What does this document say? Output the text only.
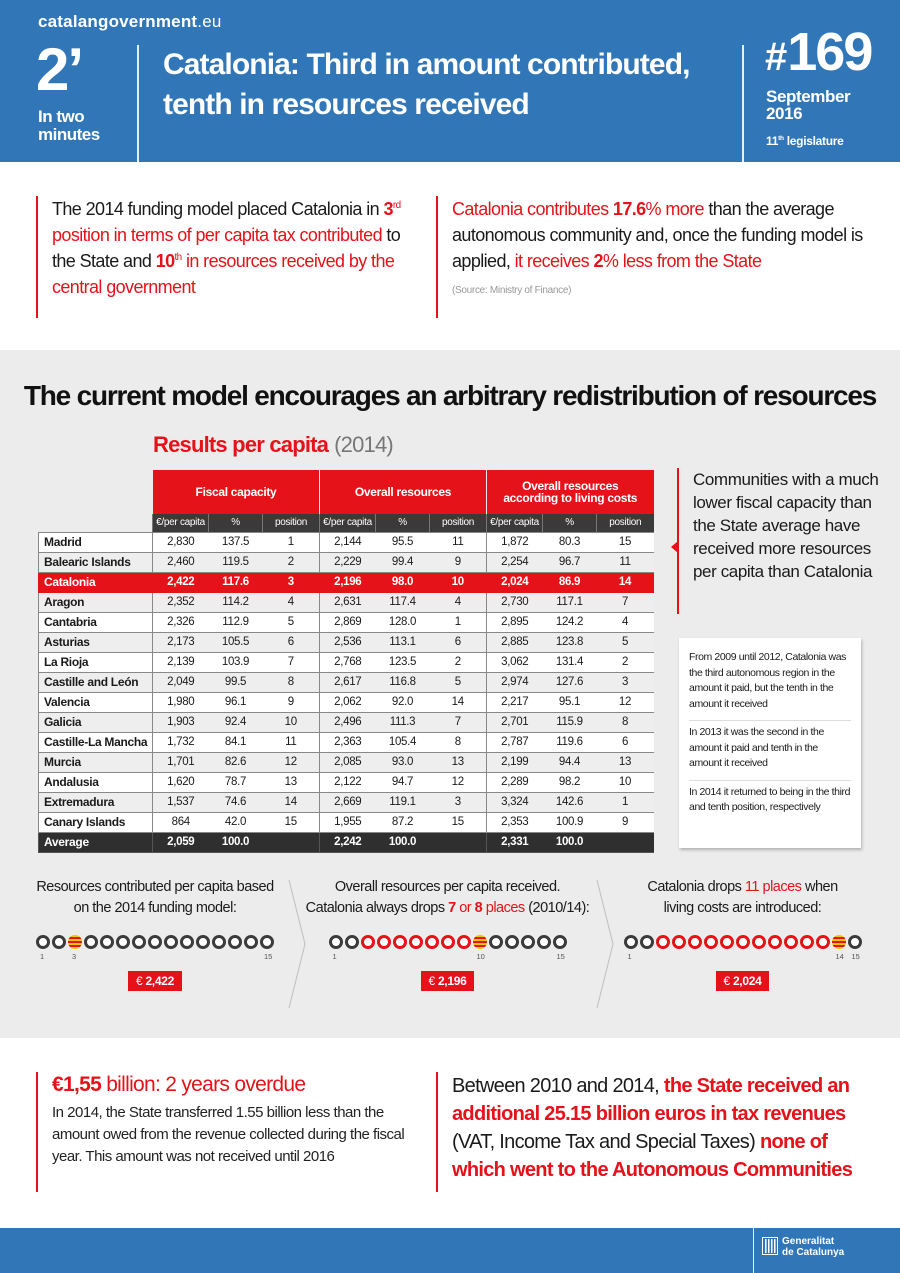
catalangovernment.eu
2’
In two
minutes
Catalonia: Third in amount contributed,
tenth in resources received
#169
September
2016
11th legislature
The 2014 funding model placed Catalonia in 3rd position in terms of per capita tax contributed to the State and 10th in resources received by the central government
Catalonia contributes 17.6% more than the average autonomous community and, once the funding model is applied, it receives 2% less from the State
(Source: Ministry of Finance)
The current model encourages an arbitrary redistribution of resources
Results per capita (2014)
	Fiscal capacity			Overall resources			Overall resources according to living costs		
	€/per capita	%	position	€/per capita	%	position	€/per capita	%	position
Madrid	2,830	137.5	1	2,144	95.5	11	1,872	80.3	15
Balearic Islands	2,460	119.5	2	2,229	99.4	9	2,254	96.7	11
Catalonia	2,422	117.6	3	2,196	98.0	10	2,024	86.9	14
Aragon	2,352	114.2	4	2,631	117.4	4	2,730	117.1	7
Cantabria	2,326	112.9	5	2,869	128.0	1	2,895	124.2	4
Asturias	2,173	105.5	6	2,536	113.1	6	2,885	123.8	5
La Rioja	2,139	103.9	7	2,768	123.5	2	3,062	131.4	2
Castille and León	2,049	99.5	8	2,617	116.8	5	2,974	127.6	3
Valencia	1,980	96.1	9	2,062	92.0	14	2,217	95.1	12
Galicia	1,903	92.4	10	2,496	111.3	7	2,701	115.9	8
Castille-La Mancha	1,732	84.1	11	2,363	105.4	8	2,787	119.6	6
Murcia	1,701	82.6	12	2,085	93.0	13	2,199	94.4	13
Andalusia	1,620	78.7	13	2,122	94.7	12	2,289	98.2	10
Extremadura	1,537	74.6	14	2,669	119.1	3	3,324	142.6	1
Canary Islands	864	42.0	15	1,955	87.2	15	2,353	100.9	9
Average	2,059	100.0		2,242	100.0		2,331	100.0	
Communities with a much lower fiscal capacity than the State average have received more resources per capita than Catalonia
From 2009 until 2012, Catalonia was the third autonomous region in the amount it paid, but the tenth in the amount it received
In 2013 it was the second in the amount it paid and tenth in the amount it received
In 2014 it returned to being in the third and tenth position, respectively
Resources contributed per capita based on the 2014 funding model:
1	3	15
€ 2,422
Overall resources per capita received. Catalonia always drops 7 or 8 places (2010/14):
1	10	15
€ 2,196
Catalonia drops 11 places when living costs are introduced:
1	14 15
€ 2,024
€1,55 billion: 2 years overdue
In 2014, the State transferred 1.55 billion less than the amount owed from the revenue collected during the fiscal year. This amount was not received until 2016
Between 2010 and 2014, the State received an additional 25.15 billion euros in tax revenues (VAT, Income Tax and Special Taxes) none of which went to the Autonomous Communities
Generalitat
de Catalunya
